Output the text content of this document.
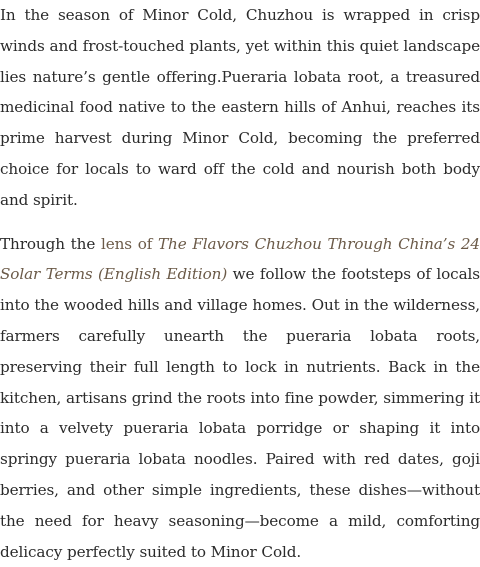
In the season of Minor Cold, Chuzhou is wrapped in crisp winds and frost-touched plants, yet within this quiet landscape lies nature’s gentle offering.Pueraria lobata root, a treasured medicinal food native to the eastern hills of Anhui, reaches its prime harvest during Minor Cold, becoming the preferred choice for locals to ward off the cold and nourish both body and spirit.

Through the lens of The Flavors Chuzhou Through China’s 24 Solar Terms (English Edition) we follow the footsteps of locals into the wooded hills and village homes. Out in the wilderness, farmers carefully unearth the pueraria lobata roots, preserving their full length to lock in nutrients. Back in the kitchen, artisans grind the roots into fine powder, simmering it into a velvety pueraria lobata porridge or shaping it into springy pueraria lobata noodles. Paired with red dates, goji berries, and other simple ingredients, these dishes—without the need for heavy seasoning—become a mild, comforting delicacy perfectly suited to Minor Cold.
